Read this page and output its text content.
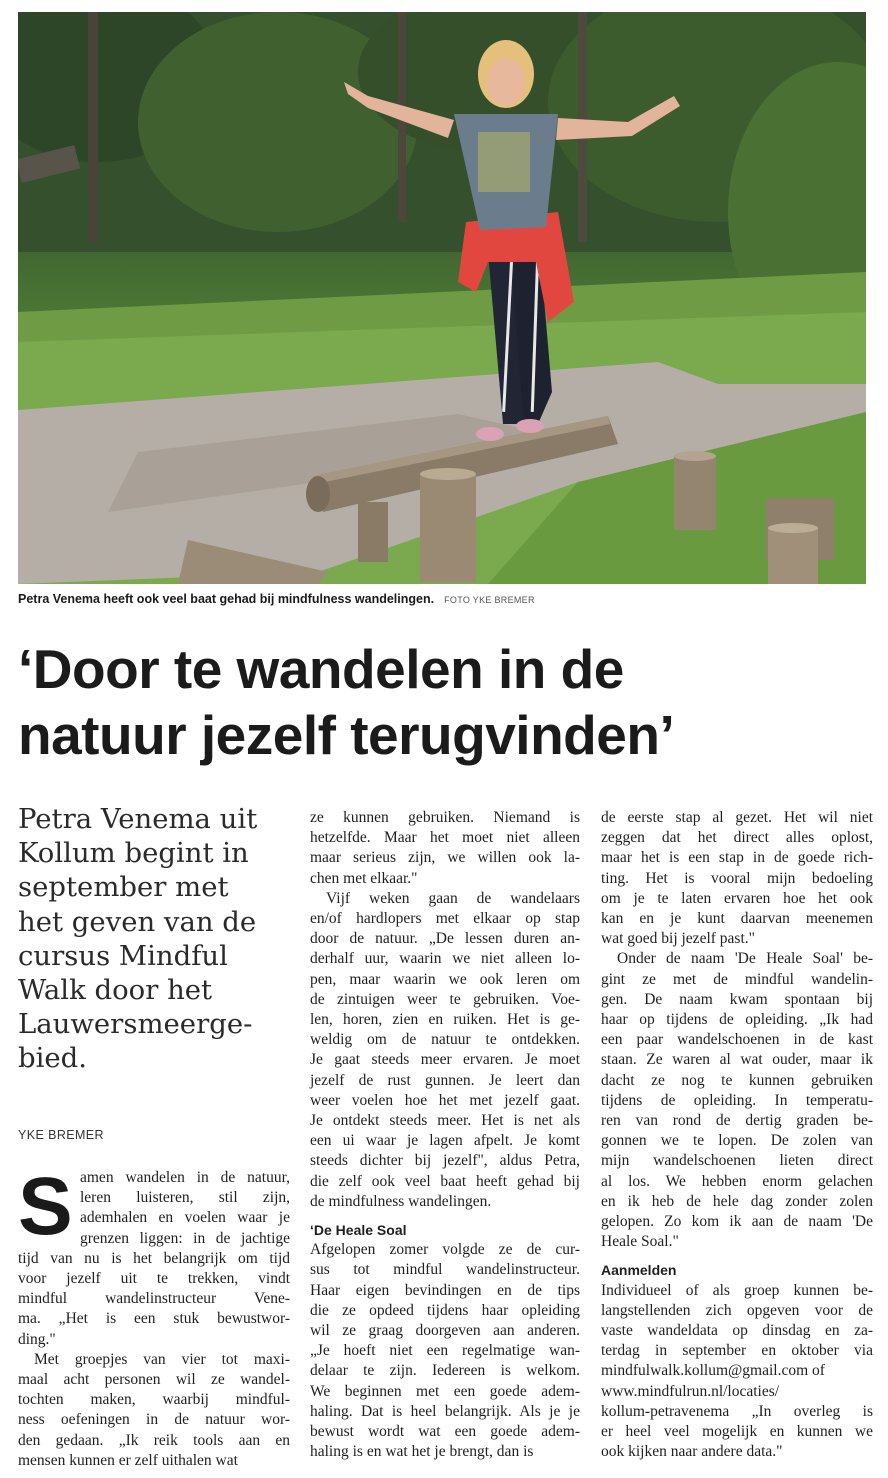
Petra Venema heeft ook veel baat gehad bij mindfulness wandelingen. FOTO YKE BREMER
‘Door te wandelen in de
natuur jezelf terugvinden’
Petra Venema uit
Kollum begint in
september met
het geven van de
cursus Mindful
Walk door het
Lauwersmeerge-
bied.
YKE BREMER
S amen wandelen in de natuur,
leren luisteren, stil zijn,
ademhalen en voelen waar je
grenzen liggen: in de jachtige
tijd van nu is het belangrijk om tijd
voor jezelf uit te trekken, vindt
mindful wandelinstructeur Vene-
ma. „Het is een stuk bewustwor-
ding."
Met groepjes van vier tot maxi-
maal acht personen wil ze wandel-
tochten maken, waarbij mindful-
ness oefeningen in de natuur wor-
den gedaan. „Ik reik tools aan en
mensen kunnen er zelf uithalen wat
ze kunnen gebruiken. Niemand is
hetzelfde. Maar het moet niet alleen
maar serieus zijn, we willen ook la-
chen met elkaar."
Vijf weken gaan de wandelaars
en/of hardlopers met elkaar op stap
door de natuur. „De lessen duren an-
derhalf uur, waarin we niet alleen lo-
pen, maar waarin we ook leren om
de zintuigen weer te gebruiken. Voe-
len, horen, zien en ruiken. Het is ge-
weldig om de natuur te ontdekken.
Je gaat steeds meer ervaren. Je moet
jezelf de rust gunnen. Je leert dan
weer voelen hoe het met jezelf gaat.
Je ontdekt steeds meer. Het is net als
een ui waar je lagen afpelt. Je komt
steeds dichter bij jezelf", aldus Petra,
die zelf ook veel baat heeft gehad bij
de mindfulness wandelingen.
‘De Heale Soal
Afgelopen zomer volgde ze de cur-
sus tot mindful wandelinstructeur.
Haar eigen bevindingen en de tips
die ze opdeed tijdens haar opleiding
wil ze graag doorgeven aan anderen.
„Je hoeft niet een regelmatige wan-
delaar te zijn. Iedereen is welkom.
We beginnen met een goede adem-
haling. Dat is heel belangrijk. Als je je
bewust wordt wat een goede adem-
haling is en wat het je brengt, dan is
de eerste stap al gezet. Het wil niet
zeggen dat het direct alles oplost,
maar het is een stap in de goede rich-
ting. Het is vooral mijn bedoeling
om je te laten ervaren hoe het ook
kan en je kunt daarvan meenemen
wat goed bij jezelf past."
Onder de naam 'De Heale Soal' be-
gint ze met de mindful wandelin-
gen. De naam kwam spontaan bij
haar op tijdens de opleiding. „Ik had
een paar wandelschoenen in de kast
staan. Ze waren al wat ouder, maar ik
dacht ze nog te kunnen gebruiken
tijdens de opleiding. In temperatu-
ren van rond de dertig graden be-
gonnen we te lopen. De zolen van
mijn wandelschoenen lieten direct
al los. We hebben enorm gelachen
en ik heb de hele dag zonder zolen
gelopen. Zo kom ik aan de naam 'De
Heale Soal."
Aanmelden
Individueel of als groep kunnen be-
langstellenden zich opgeven voor de
vaste wandeldata op dinsdag en za-
terdag in september en oktober via
mindfulwalk.kollum@gmail.com of
www.mindfulrun.nl/locaties/
kollum-petravenema „In overleg is
er heel veel mogelijk en kunnen we
ook kijken naar andere data."
